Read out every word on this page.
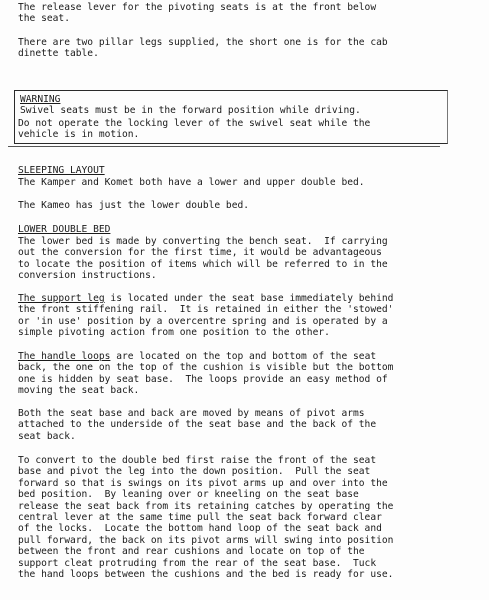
The release lever for the pivoting seats is at the front below
the seat.

There are two pillar legs supplied, the short one is for the cab
dinette table.

WARNING

Swivel seats must be in the forward position while driving.

Do not operate the locking lever of the swivel seat while the
vehicle is in motion.

SLEEPING LAYOUT

The Kamper and Komet both have a lower and upper double bed.

The Kameo has just the lower double bed.

LOWER DOUBLE BED

The lower bed is made by converting the bench seat.  If carrying
out the conversion for the first time, it would be advantageous
to locate the position of items which will be referred to in the
conversion instructions.

The support leg is located under the seat base immediately behind
the front stiffening rail.  It is retained in either the 'stowed'
or 'in use' position by a overcentre spring and is operated by a
simple pivoting action from one position to the other.

The handle loops are located on the top and bottom of the seat
back, the one on the top of the cushion is visible but the bottom
one is hidden by seat base.  The loops provide an easy method of
moving the seat back.

Both the seat base and back are moved by means of pivot arms
attached to the underside of the seat base and the back of the
seat back.

To convert to the double bed first raise the front of the seat
base and pivot the leg into the down position.  Pull the seat
forward so that is swings on its pivot arms up and over into the
bed position.  By leaning over or kneeling on the seat base
release the seat back from its retaining catches by operating the
central lever at the same time pull the seat back forward clear
of the locks.  Locate the bottom hand loop of the seat back and
pull forward, the back on its pivot arms will swing into position
between the front and rear cushions and locate on top of the
support cleat protruding from the rear of the seat base.  Tuck
the hand loops between the cushions and the bed is ready for use.
